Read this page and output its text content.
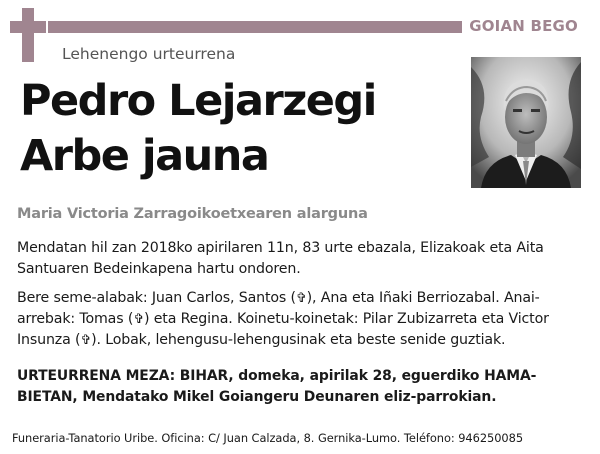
GOIAN BEGO
Lehenengo urteurrena
Pedro Lejarzegi
Arbe jauna
Maria Victoria Zarragoikoetxearen alarguna
Mendatan hil zan 2018ko apirilaren 11n, 83 urte ebazala, Elizakoak eta Aita Santuaren Bedeinkapena hartu ondoren.
Bere seme-alabak: Juan Carlos, Santos (✞), Ana eta Iñaki Berriozabal. Anai-arrebak: Tomas (✞) eta Regina. Koinetu-koinetak: Pilar Zubizarreta eta Victor Insunza (✞). Lobak, lehengusu-lehengusinak eta beste senide guztiak.
URTEURRENA MEZA: BIHAR, domeka, apirilak 28, eguerdiko HAMA-BIETAN, Mendatako Mikel Goiangeru Deunaren eliz-parrokian.
Funeraria-Tanatorio Uribe. Oficina: C/ Juan Calzada, 8. Gernika-Lumo. Teléfono: 946250085
